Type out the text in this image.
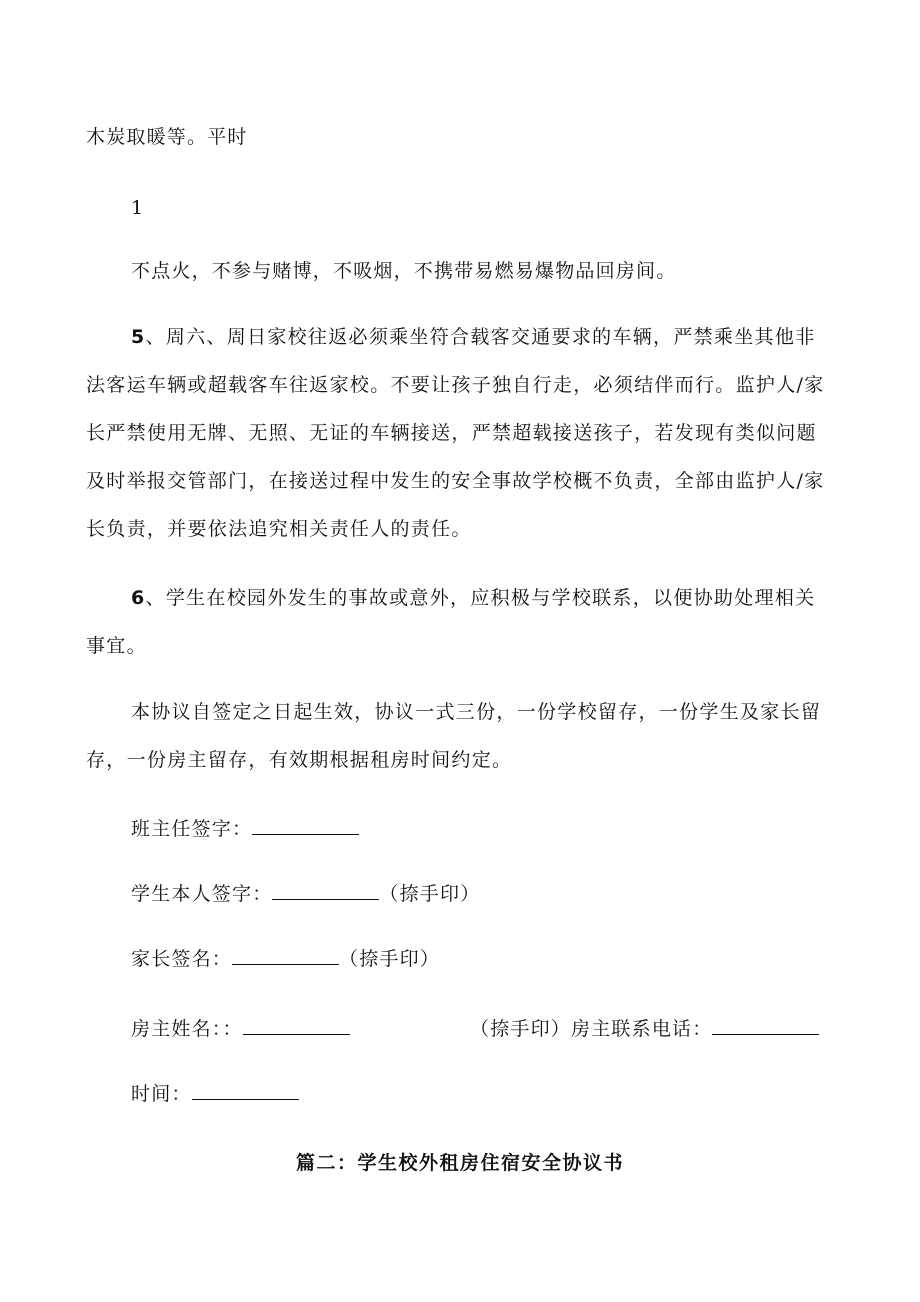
木炭取暖等。平时
1
不点火，不参与赌博，不吸烟，不携带易燃易爆物品回房间。
5、周六、周日家校往返必须乘坐符合载客交通要求的车辆，严禁乘坐其他非法客运车辆或超载客车往返家校。不要让孩子独自行走，必须结伴而行。监护人/家长严禁使用无牌、无照、无证的车辆接送，严禁超载接送孩子，若发现有类似问题及时举报交管部门，在接送过程中发生的安全事故学校概不负责，全部由监护人/家长负责，并要依法追究相关责任人的责任。
6、学生在校园外发生的事故或意外，应积极与学校联系，以便协助处理相关事宜。
本协议自签定之日起生效，协议一式三份，一份学校留存，一份学生及家长留存，一份房主留存，有效期根据租房时间约定。
班主任签字：
学生本人签字：	（捺手印）
家长签名：	（捺手印）
房主姓名：：	（捺手印）房主联系电话：
时间：
篇二：学生校外租房住宿安全协议书
